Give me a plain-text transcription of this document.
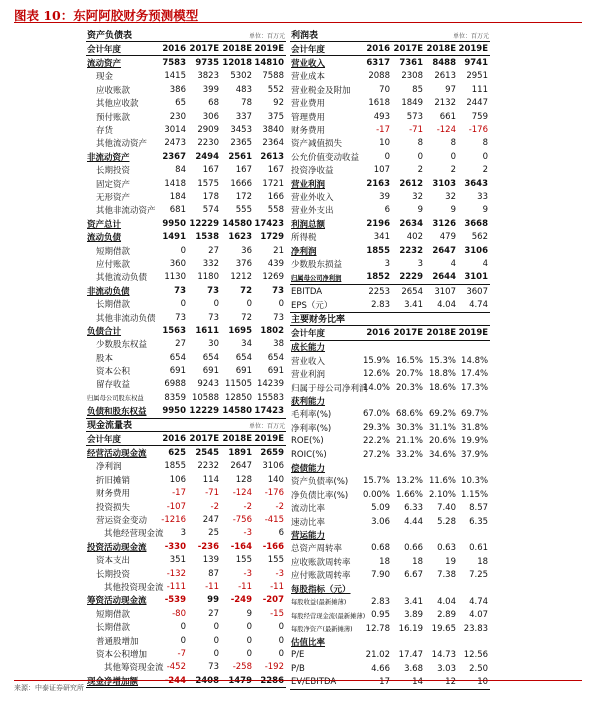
图表 10：东阿阿胶财务预测模型
资产负债表	单位：百万元
会计年度	2016	2017E	2018E	2019E
流动资产	7583	9735	12018	14810
现金	1415	3823	5302	7588
应收账款	386	399	483	552
其他应收款	65	68	78	92
预付账款	230	306	337	375
存货	3014	2909	3453	3840
其他流动资产	2473	2230	2365	2364
非流动资产	2367	2494	2561	2613
长期投资	84	167	167	167
固定资产	1418	1575	1666	1721
无形资产	184	178	172	166
其他非流动资产	681	574	555	558
资产总计	9950	12229	14580	17423
流动负债	1491	1538	1623	1729
短期借款	0	27	36	21
应付账款	360	332	376	439
其他流动负债	1130	1180	1212	1269
非流动负债	73	73	72	73
长期借款	0	0	0	0
其他非流动负债	73	73	72	73
负债合计	1563	1611	1695	1802
少数股东权益	27	30	34	38
股本	654	654	654	654
资本公积	691	691	691	691
留存收益	6988	9243	11505	14239
归属母公司股东权益	8359	10588	12850	15583
负债和股东权益	9950	12229	14580	17423
利润表	单位：百万元
会计年度	2016	2017E	2018E	2019E
营业收入	6317	7361	8488	9741
营业成本	2088	2308	2613	2951
营业税金及附加	70	85	97	111
营业费用	1618	1849	2132	2447
管理费用	493	573	661	759
财务费用	-17	-71	-124	-176
资产减值损失	10	8	8	8
公允价值变动收益	0	0	0	0
投资净收益	107	2	2	2
营业利润	2163	2612	3103	3643
营业外收入	39	32	32	33
营业外支出	6	9	9	9
利润总额	2196	2634	3126	3668
所得税	341	402	479	562
净利润	1855	2232	2647	3106
少数股东损益	3	3	4	4
归属母公司净利润	1852	2229	2644	3101
EBITDA	2253	2654	3107	3607
EPS（元）	2.83	3.41	4.04	4.74
主要财务比率				
会计年度	2016	2017E	2018E	2019E
成长能力				
营业收入	15.9%	16.5%	15.3%	14.8%
营业利润	12.6%	20.7%	18.8%	17.4%
归属于母公司净利润	14.0%	20.3%	18.6%	17.3%
获利能力				
毛利率(%)	67.0%	68.6%	69.2%	69.7%
净利率(%)	29.3%	30.3%	31.1%	31.8%
ROE(%)	22.2%	21.1%	20.6%	19.9%
ROIC(%)	27.2%	33.2%	34.6%	37.9%
偿债能力				
资产负债率(%)	15.7%	13.2%	11.6%	10.3%
净负债比率(%)	0.00%	1.66%	2.10%	1.15%
流动比率	5.09	6.33	7.40	8.57
速动比率	3.06	4.44	5.28	6.35
营运能力				
总资产周转率	0.68	0.66	0.63	0.61
应收账款周转率	18	18	19	18
应付账款周转率	7.90	6.67	7.38	7.25
每股指标（元）				
每股收益(最新摊薄)	2.83	3.41	4.04	4.74
每股经营现金流(最新摊薄)	0.95	3.89	2.89	4.07
每股净资产(最新摊薄)	12.78	16.19	19.65	23.83
估值比率				
P/E	21.02	17.47	14.73	12.56
P/B	4.66	3.68	3.03	2.50
EV/EBITDA	17	14	12	10
现金流量表	单位：百万元
会计年度	2016	2017E	2018E	2019E
经营活动现金流	625	2545	1891	2659
净利润	1855	2232	2647	3106
折旧摊销	106	114	128	140
财务费用	-17	-71	-124	-176
投资损失	-107	-2	-2	-2
营运资金变动	-1216	247	-756	-415
其他经营现金流	3	25	-3	6
投资活动现金流	-330	-236	-164	-166
资本支出	351	139	155	155
长期投资	-132	87	-3	-3
其他投资现金流	-111	-11	-11	-11
筹资活动现金流	-539	99	-249	-207
短期借款	-80	27	9	-15
长期借款	0	0	0	0
普通股增加	0	0	0	0
资本公积增加	-7	0	0	0
其他筹资现金流	-452	73	-258	-192
现金净增加额	-244	2408	1479	2286
来源：中泰证券研究所
